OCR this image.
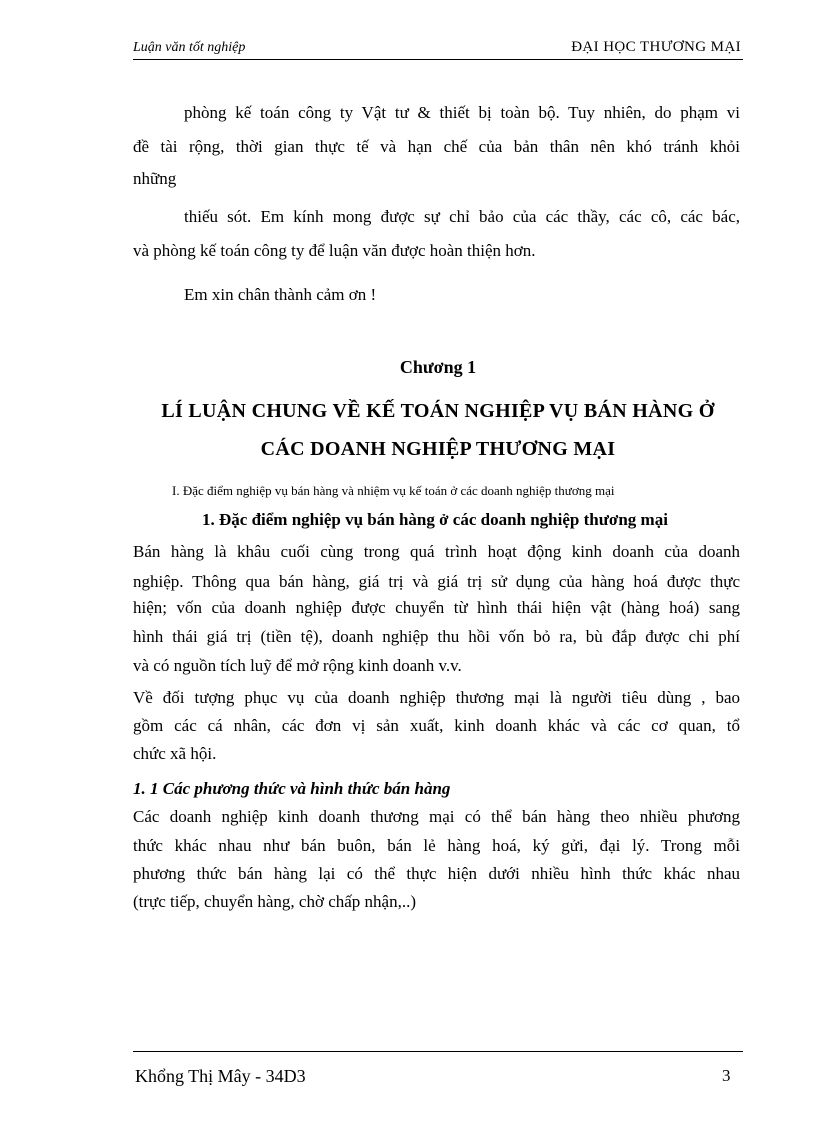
Luận văn tốt nghiệp	ĐẠI HỌC THƯƠNG MẠI
phòng kế toán công ty Vật tư & thiết bị toàn bộ. Tuy nhiên, do phạm vi
đề tài rộng, thời gian thực tế và hạn chế của bản thân nên khó tránh khỏi
những
thiếu sót. Em kính mong được sự chỉ bảo của các thầy, các cô, các bác,
và phòng kế toán công ty để luận văn được hoàn thiện hơn.
Em xin chân thành cảm ơn !
Chương 1
LÍ LUẬN CHUNG VỀ KẾ TOÁN NGHIỆP VỤ BÁN HÀNG Ở
CÁC DOANH NGHIỆP THƯƠNG MẠI
I. Đặc điểm nghiệp vụ bán hàng và nhiệm vụ kế toán ở các doanh nghiệp thương mại
1. Đặc điểm nghiệp vụ bán hàng ở các doanh nghiệp thương mại
Bán hàng là khâu cuối cùng trong quá trình hoạt động kinh doanh của doanh
nghiệp. Thông qua bán hàng, giá trị và giá trị sử dụng của hàng hoá được thực
hiện; vốn của doanh nghiệp được chuyển từ hình thái hiện vật (hàng hoá) sang
hình thái giá trị (tiền tệ), doanh nghiệp thu hồi vốn bỏ ra, bù đắp được chi phí
và có nguồn tích luỹ để mở rộng kinh doanh v.v.
Về đối tượng phục vụ của doanh nghiệp thương mại là người tiêu dùng , bao
gồm các cá nhân, các đơn vị sản xuất, kinh doanh khác và các cơ quan, tổ
chức xã hội.
1. 1 Các phương thức và hình thức bán hàng
Các doanh nghiệp kinh doanh thương mại có thể bán hàng theo nhiều phương
thức khác nhau như bán buôn, bán lẻ hàng hoá, ký gửi, đại lý. Trong mỗi
phương thức bán hàng lại có thể thực hiện dưới nhiều hình thức khác nhau
(trực tiếp, chuyển hàng, chờ chấp nhận,..)
Khổng Thị Mây - 34D3	3
